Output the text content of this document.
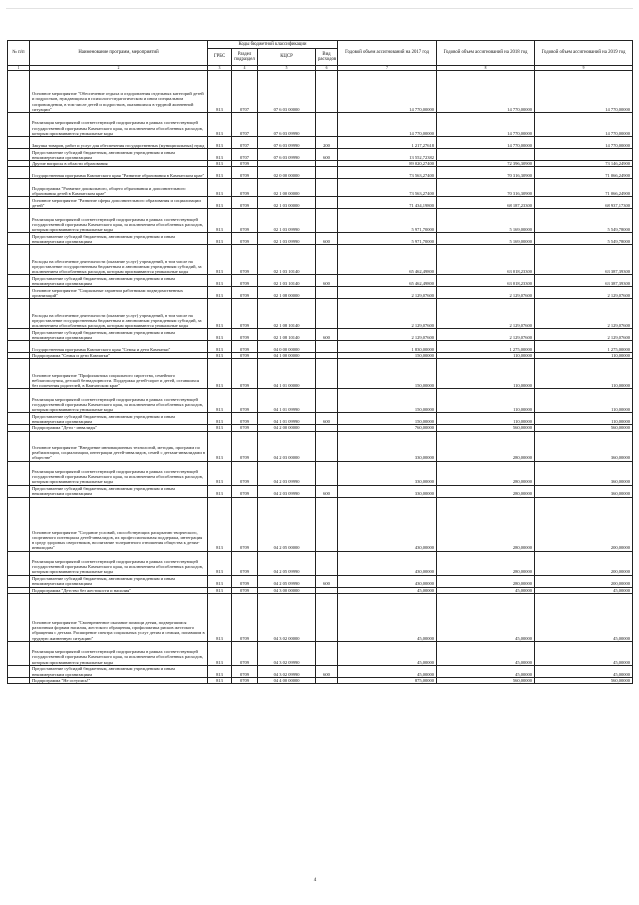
№ п/п	Наименование программ, мероприятий	Коды бюджетной классификации				Годовой объем ассигнований на 2017 год	Годовой объем ассигнований на 2018 год	Годовой объем ассигнований на 2019 год
		ГРБС	Раздел подраздел	КЦСР	Вид расходов			
1	2	3	4	5	6	7	8	9
	Основное мероприятие "Обеспечение отдыха и оздоровления отдельных категорий детей и подростков, нуждающихся в психолого-педагогическом и ином специальном сопровождении, в том числе детей и подростков, оказавшихся в трудной жизненной ситуации"	813	0707	07 6 03 00000		14 770,00000	14 770,00000	14 770,00000
	Реализация мероприятий соответствующей подпрограммы в рамках соответствующей государственной программы Камчатского края, за исключением обособленных расходов, которым присваиваются уникальные коды	813	0707	07 6 03 09990		14 770,00000	14 770,00000	14 770,00000
	Закупка товаров, работ и услуг для обеспечения государственных (муниципальных) нужд	813	0707	07 6 03 09990	200	1 217,27618	14 770,00000	14 770,00000
	Предоставление субсидий бюджетным, автономным учреждениям и иным некоммерческим организациям	813	0707	07 6 03 09990	600	13 552,72382		
	Другие вопросы в области образования	813	0709			89 020,27400	72 396,30900	73 146,24900
	Государственная программа Камчатского края "Развитие образования в Камчатском крае"	813	0709	02 0 00 00000		73 563,27400	70 316,30900	71 066,24900
	Подпрограмма "Развитие дошкольного, общего образования и дополнительного образования детей в Камчатском крае"	813	0709	02 1 00 00000		73 563,27400	70 316,30900	71 066,24900
	Основное мероприятие "Развитие сферы дополнительного образования и социализации детей"	813	0709	02 1 03 00000		71 434,19800	68 187,23300	68 937,17300
	Реализация мероприятий соответствующей подпрограммы в рамках соответствующей государственной программы Камчатского края, за исключением обособленных расходов, которым присваиваются уникальные коды	813	0709	02 1 03 09990		5 971,70000	5 169,00000	5 549,78000
	Предоставление субсидий бюджетным, автономным учреждениям и иным некоммерческим организациям	813	0709	02 1 03 09990	600	5 971,70000	5 169,00000	5 549,78000
	Расходы на обеспечение деятельности (оказание услуг) учреждений, в том числе на предоставление государственным бюджетным и автономным учреждениям субсидий, за исключением обособленных расходов, которым присваиваются уникальные коды	813	0709	02 1 03 10140		65 462,49800	63 018,23300	63 387,39300
	Предоставление субсидий бюджетным, автономным учреждениям и иным некоммерческим организациям	813	0709	02 1 03 10140	600	65 462,49800	63 018,23300	63 387,39300
	Основное мероприятие "Социальные гарантии работникам подведомственных организаций"	813	0709	02 1 08 00000		2 129,07600	2 129,07600	2 129,07600
	Расходы на обеспечение деятельности (оказание услуг) учреждений, в том числе на предоставление государственным бюджетным и автономным учреждениям субсидий, за исключением обособленных расходов, которым присваиваются уникальные коды	813	0709	02 1 08 10140		2 129,07600	2 129,07600	2 129,07600
	Предоставление субсидий бюджетным, автономным учреждениям и иным некоммерческим организациям	813	0709	02 1 08 10140	600	2 129,07600	2 129,07600	2 129,07600
	Государственная программа Камчатского края "Семья и дети Камчатки"	813	0709	04 0 00 00000		1 830,00000	1 275,00000	1 275,00000
	Подпрограмма "Семья и дети Камчатки"	813	0709	04 1 00 00000		150,00000	110,00000	110,00000
	Основное мероприятие "Профилактика социального сиротства, семейного неблагополучия, детской безнадзорности. Поддержка детей-сирот и детей, оставшихся без попечения родителей, в Камчатском крае"	813	0709	04 1 01 00000		150,00000	110,00000	110,00000
	Реализация мероприятий соответствующей подпрограммы в рамках соответствующей государственной программы Камчатского края, за исключением обособленных расходов, которым присваиваются уникальные коды	813	0709	04 1 01 09990		150,00000	110,00000	110,00000
	Предоставление субсидий бюджетным, автономным учреждениям и иным некоммерческим организациям	813	0709	04 1 01 09990	600	150,00000	110,00000	110,00000
	Подпрограмма "Дети - инвалиды"	813	0709	04 2 00 00000		760,00000	560,00000	560,00000
	Основное мероприятие "Внедрение инновационных технологий, методик, программ по реабилитации, социализации, интеграции детей-инвалидов, семей с детьми-инвалидами в обществе"	813	0709	04 2 03 00000		330,00000	280,00000	360,00000
	Реализация мероприятий соответствующей подпрограммы в рамках соответствующей государственной программы Камчатского края, за исключением обособленных расходов, которым присваиваются уникальные коды	813	0709	04 2 03 09990		330,00000	280,00000	360,00000
	Предоставление субсидий бюджетным, автономным учреждениям и иным некоммерческим организациям	813	0709	04 2 03 09990	600	330,00000	280,00000	360,00000
	Основное мероприятие "Создание условий, способствующих раскрытию творческого, спортивного потенциала детей-инвалидов, их профессиональная поддержка, интеграция в среду здоровых сверстников, воспитание толерантного отношения общества к детям-инвалидам"	813	0709	04 2 05 00000		430,00000	280,00000	200,00000
	Реализация мероприятий соответствующей подпрограммы в рамках соответствующей государственной программы Камчатского края, за исключением обособленных расходов, которым присваиваются уникальные коды	813	0709	04 2 05 09990		430,00000	280,00000	200,00000
	Предоставление субсидий бюджетным, автономным учреждениям и иным некоммерческим организациям	813	0709	04 2 05 09990	600	430,00000	280,00000	200,00000
	Подпрограмма "Детство без жестокости и насилия"	813	0709	04 3 00 00000		45,00000	45,00000	45,00000
	Основное мероприятие "Своевременное оказание помощи детям, подвергшимся различным формам насилия, жестокого обращения, профилактика рисков жестокого обращения с детьми. Расширение спектра социальных услуг детям и семьям, попавшим в трудную жизненную ситуацию"	813	0709	04 3 02 00000		45,00000	45,00000	45,00000
	Реализация мероприятий соответствующей подпрограммы в рамках соответствующей государственной программы Камчатского края, за исключением обособленных расходов, которым присваиваются уникальные коды	813	0709	04 3 02 09990		45,00000	45,00000	45,00000
	Предоставление субсидий бюджетным, автономным учреждениям и иным некоммерческим организациям	813	0709	04 3 02 09990	600	45,00000	45,00000	45,00000
	Подпрограмма "Не оступись!"	813	0709	04 4 00 00000		875,00000	560,00000	560,00000
4
